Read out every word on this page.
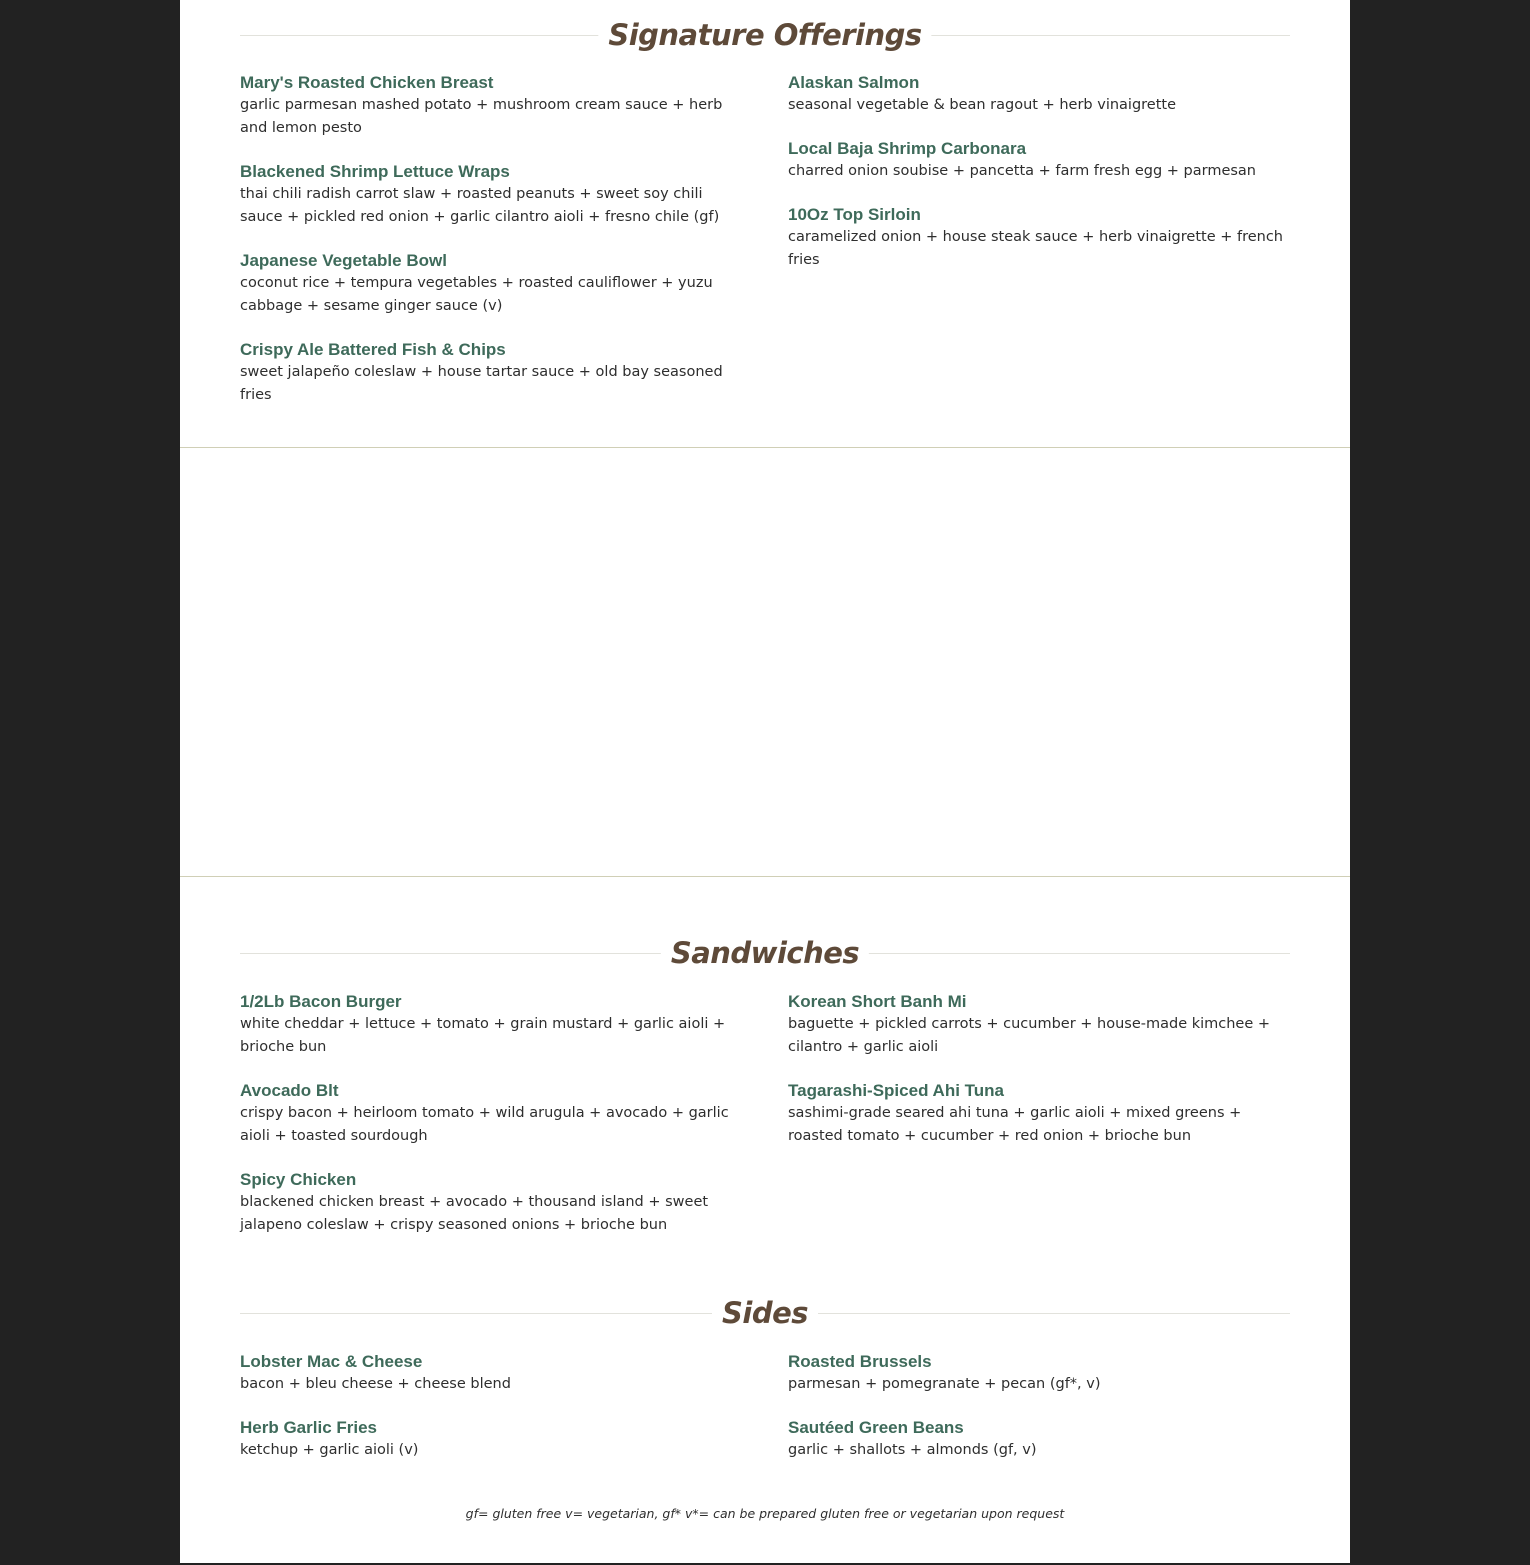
Signature Offerings
Mary's Roasted Chicken Breast
garlic parmesan mashed potato + mushroom cream sauce + herb and lemon pesto
Blackened Shrimp Lettuce Wraps
thai chili radish carrot slaw + roasted peanuts + sweet soy chili sauce + pickled red onion + garlic cilantro aioli + fresno chile (gf)
Japanese Vegetable Bowl
coconut rice + tempura vegetables + roasted cauliflower + yuzu cabbage + sesame ginger sauce (v)
Crispy Ale Battered Fish & Chips
sweet jalapeño coleslaw + house tartar sauce + old bay seasoned fries
Alaskan Salmon
seasonal vegetable & bean ragout + herb vinaigrette
Local Baja Shrimp Carbonara
charred onion soubise + pancetta + farm fresh egg + parmesan
10Oz Top Sirloin
caramelized onion + house steak sauce + herb vinaigrette + french fries
Sandwiches
1/2Lb Bacon Burger
white cheddar + lettuce + tomato + grain mustard + garlic aioli + brioche bun
Avocado Blt
crispy bacon + heirloom tomato + wild arugula + avocado + garlic aioli + toasted sourdough
Spicy Chicken
blackened chicken breast + avocado + thousand island + sweet jalapeno coleslaw + crispy seasoned onions + brioche bun
Korean Short Banh Mi
baguette + pickled carrots + cucumber + house-made kimchee + cilantro + garlic aioli
Tagarashi-Spiced Ahi Tuna
sashimi-grade seared ahi tuna + garlic aioli + mixed greens + roasted tomato + cucumber + red onion + brioche bun
Sides
Lobster Mac & Cheese
bacon + bleu cheese + cheese blend
Herb Garlic Fries
ketchup + garlic aioli (v)
Roasted Brussels
parmesan + pomegranate + pecan (gf*, v)
Sautéed Green Beans
garlic + shallots + almonds (gf, v)
gf= gluten free v= vegetarian, gf* v*= can be prepared gluten free or vegetarian upon request
